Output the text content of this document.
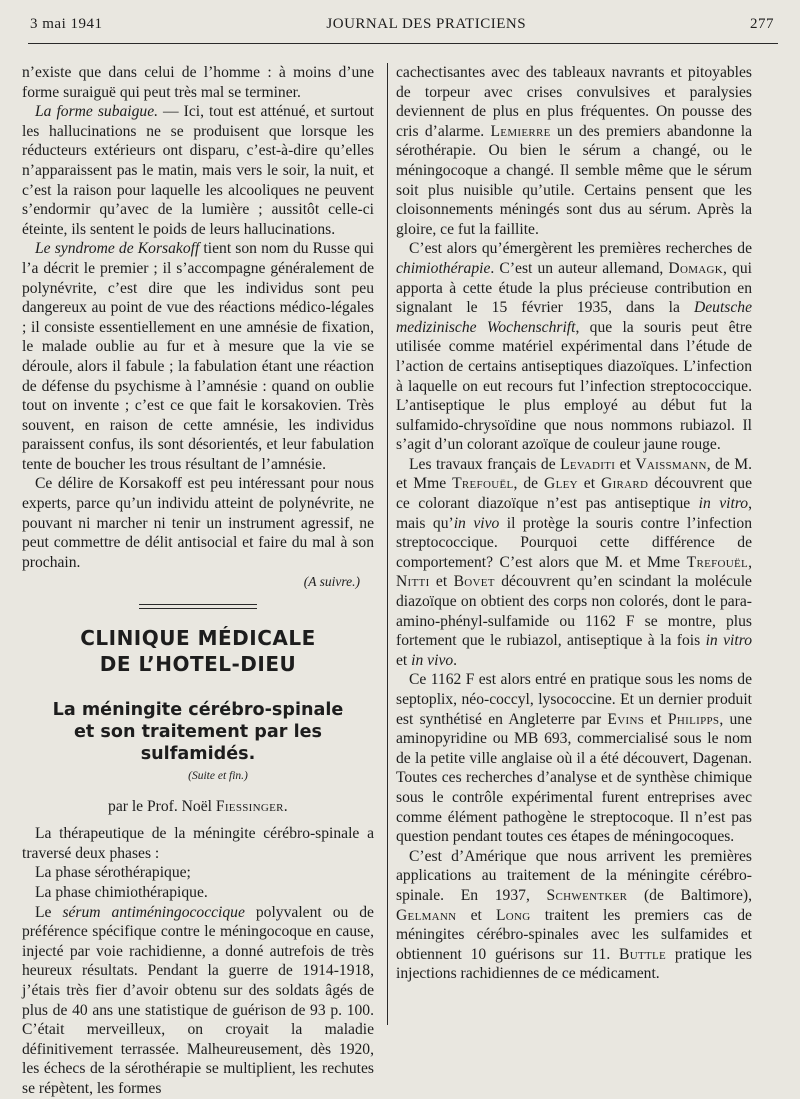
3 mai 1941	JOURNAL DES PRATICIENS	277

n’existe que dans celui de l’homme : à moins d’une forme suraiguë qui peut très mal se terminer.

La forme subaigue. — Ici, tout est atténué, et surtout les hallucinations ne se produisent que lorsque les réducteurs extérieurs ont disparu, c’est-à-dire qu’elles n’apparaissent pas le matin, mais vers le soir, la nuit, et c’est la raison pour laquelle les alcooliques ne peuvent s’endormir qu’avec de la lumière ; aussitôt celle-ci éteinte, ils sentent le poids de leurs hallucinations.

Le syndrome de Korsakoff tient son nom du Russe qui l’a décrit le premier ; il s’accompagne généralement de polynévrite, c’est dire que les individus sont peu dangereux au point de vue des réactions médico-légales ; il consiste essentiellement en une amnésie de fixation, le malade oublie au fur et à mesure que la vie se déroule, alors il fabule ; la fabulation étant une réaction de défense du psychisme à l’amnésie : quand on oublie tout on invente ; c’est ce que fait le korsakovien. Très souvent, en raison de cette amnésie, les individus paraissent confus, ils sont désorientés, et leur fabulation tente de boucher les trous résultant de l’amnésie.

Ce délire de Korsakoff est peu intéressant pour nous experts, parce qu’un individu atteint de polynévrite, ne pouvant ni marcher ni tenir un instrument agressif, ne peut commettre de délit antisocial et faire du mal à son prochain.

(A suivre.)

CLINIQUE MÉDICALE
DE L’HOTEL-DIEU
La méningite cérébro-spinale
et son traitement par les sulfamidés.
(Suite et fin.)
par le Prof. Noël Fiessinger.

La thérapeutique de la méningite cérébro-spinale a traversé deux phases :

La phase sérothérapique;

La phase chimiothérapique.

Le sérum antiméningococcique polyvalent ou de préférence spécifique contre le méningocoque en cause, injecté par voie rachidienne, a donné autrefois de très heureux résultats. Pendant la guerre de 1914-1918, j’étais très fier d’avoir obtenu sur des soldats âgés de plus de 40 ans une statistique de guérison de 93 p. 100. C’était merveilleux, on croyait la maladie définitivement terrassée. Malheureusement, dès 1920, les échecs de la sérothérapie se multiplient, les rechutes se répètent, les formes

cachectisantes avec des tableaux navrants et pitoyables de torpeur avec crises convulsives et paralysies deviennent de plus en plus fréquentes. On pousse des cris d’alarme. Lemierre un des premiers abandonne la sérothérapie. Ou bien le sérum a changé, ou le méningocoque a changé. Il semble même que le sérum soit plus nuisible qu’utile. Certains pensent que les cloisonnements méningés sont dus au sérum. Après la gloire, ce fut la faillite.

C’est alors qu’émergèrent les premières recherches de chimiothérapie. C’est un auteur allemand, Domagk, qui apporta à cette étude la plus précieuse contribution en signalant le 15 février 1935, dans la Deutsche medizinische Wochenschrift, que la souris peut être utilisée comme matériel expérimental dans l’étude de l’action de certains antiseptiques diazoïques. L’infection à laquelle on eut recours fut l’infection streptococcique. L’antiseptique le plus employé au début fut la sulfamido-chrysoïdine que nous nommons rubiazol. Il s’agit d’un colorant azoïque de couleur jaune rouge.

Les travaux français de Levaditi et Vaissmann, de M. et Mme Trefouël, de Gley et Girard découvrent que ce colorant diazoïque n’est pas antiseptique in vitro, mais qu’in vivo il protège la souris contre l’infection streptococcique. Pourquoi cette différence de comportement? C’est alors que M. et Mme Trefouël, Nitti et Bovet découvrent qu’en scindant la molécule diazoïque on obtient des corps non colorés, dont le para-amino-phényl-sulfamide ou 1162 F se montre, plus fortement que le rubiazol, antiseptique à la fois in vitro et in vivo.

Ce 1162 F est alors entré en pratique sous les noms de septoplix, néo-coccyl, lysococcine. Et un dernier produit est synthétisé en Angleterre par Evins et Philipps, une aminopyridine ou MB 693, commercialisé sous le nom de la petite ville anglaise où il a été découvert, Dagenan. Toutes ces recherches d’analyse et de synthèse chimique sous le contrôle expérimental furent entreprises avec comme élément pathogène le streptocoque. Il n’est pas question pendant toutes ces étapes de méningocoques.

C’est d’Amérique que nous arrivent les premières applications au traitement de la méningite cérébro-spinale. En 1937, Schwentker (de Baltimore), Gelmann et Long traitent les premiers cas de méningites cérébro-spinales avec les sulfamides et obtiennent 10 guérisons sur 11. Buttle pratique les injections rachidiennes de ce médicament.
